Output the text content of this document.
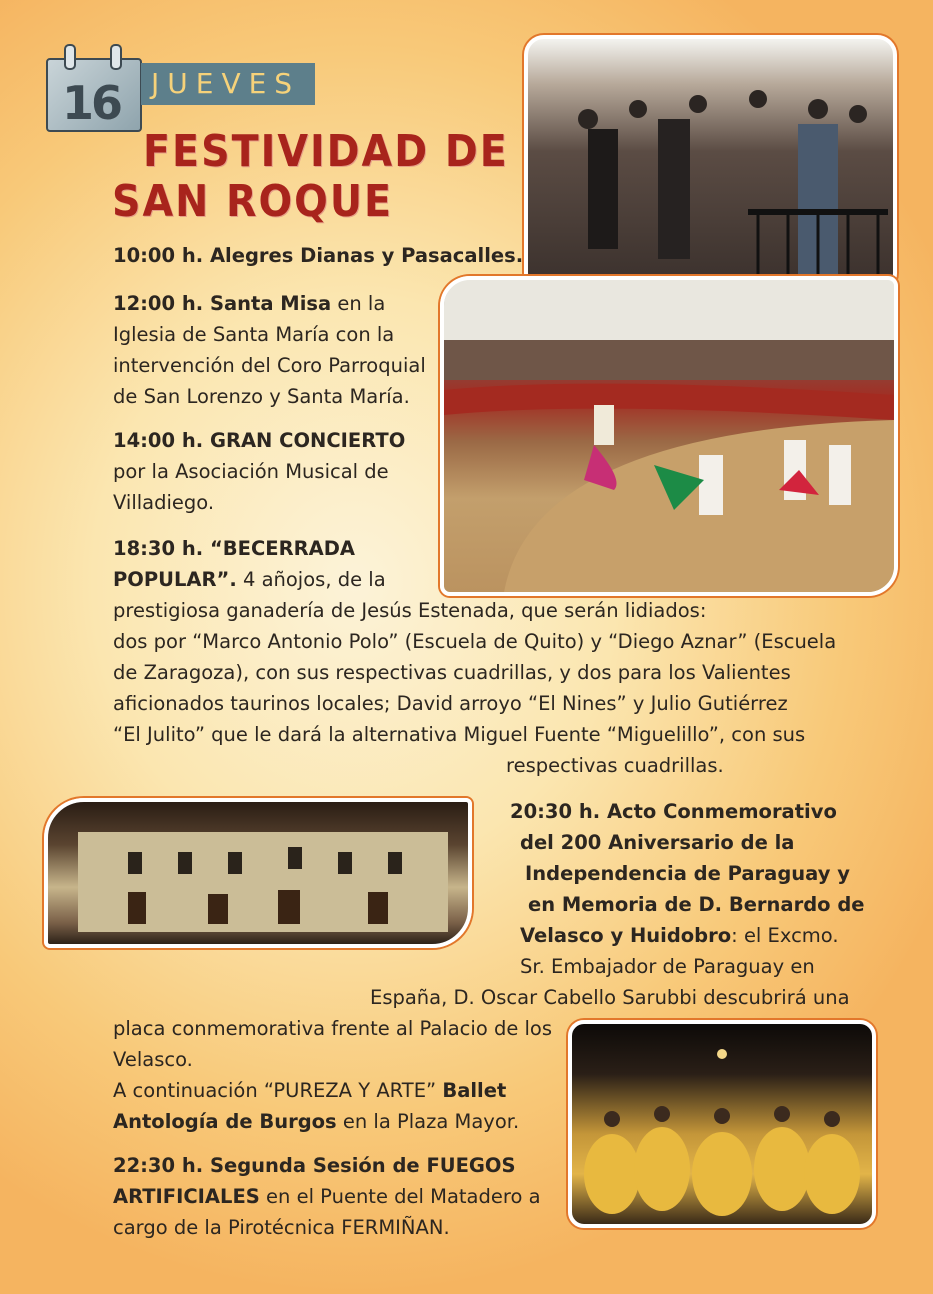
16	JUEVES
FESTIVIDAD DE
SAN ROQUE
10:00 h. Alegres Dianas y Pasacalles.
12:00 h. Santa Misa en la
Iglesia de Santa María con la
intervención del Coro Parroquial
de San Lorenzo y Santa María.
14:00 h. GRAN CONCIERTO
por la Asociación Musical de
Villadiego.
18:30 h. “BECERRADA
POPULAR”. 4 añojos, de la
prestigiosa ganadería de Jesús Estenada, que serán lidiados:
dos por “Marco Antonio Polo” (Escuela de Quito) y “Diego Aznar” (Escuela
de Zaragoza), con sus respectivas cuadrillas, y dos para los Valientes
aficionados taurinos locales; David arroyo “El Nines” y Julio Gutiérrez
“El Julito” que le dará la alternativa Miguel Fuente “Miguelillo”, con sus
respectivas cuadrillas.
20:30 h. Acto Conmemorativo
del 200 Aniversario de la
Independencia de Paraguay y
en Memoria de D. Bernardo de
Velasco y Huidobro: el Excmo.
Sr. Embajador de Paraguay en
España, D. Oscar Cabello Sarubbi descubrirá una
placa conmemorativa frente al Palacio de los
Velasco.
A continuación “PUREZA Y ARTE” Ballet
Antología de Burgos en la Plaza Mayor.
22:30 h. Segunda Sesión de FUEGOS
ARTIFICIALES en el Puente del Matadero a
cargo de la Pirotécnica FERMIÑAN.
